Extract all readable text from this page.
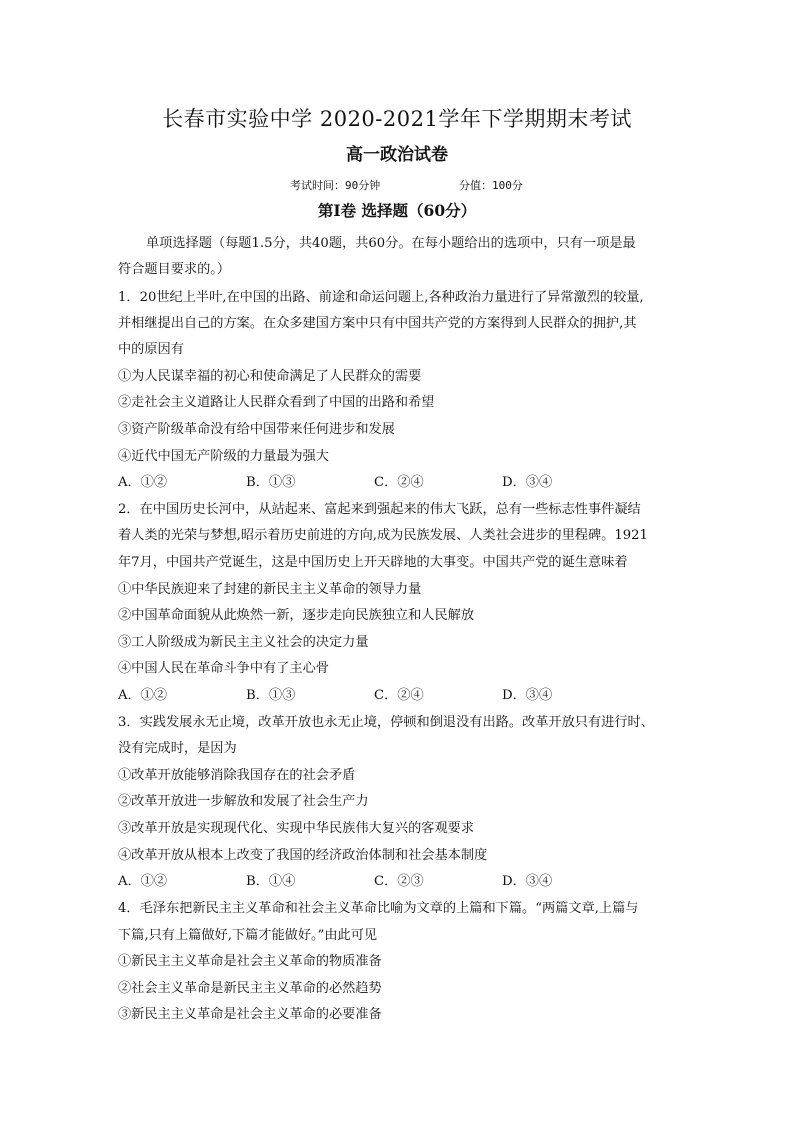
长春市实验中学 2020-2021学年下学期期末考试
高一政治试卷
考试时间：90分钟	分值：100分
第Ⅰ卷 选择题（60分）
单项选择题（每题1.5分，共40题，共60分。在每小题给出的选项中，只有一项是最
符合题目要求的。）
1．20世纪上半叶,在中国的出路、前途和命运问题上,各种政治力量进行了异常激烈的较量,
并相继提出自己的方案。在众多建国方案中只有中国共产党的方案得到人民群众的拥护,其
中的原因有
①为人民谋幸福的初心和使命满足了人民群众的需要
②走社会主义道路让人民群众看到了中国的出路和希望
③资产阶级革命没有给中国带来任何进步和发展
④近代中国无产阶级的力量最为强大
A．①②	B．①③	C．②④	D．③④
2．在中国历史长河中，从站起来、富起来到强起来的伟大飞跃，总有一些标志性事件凝结
着人类的光荣与梦想,昭示着历史前进的方向,成为民族发展、人类社会进步的里程碑。1921
年7月，中国共产党诞生，这是中国历史上开天辟地的大事变。中国共产党的诞生意味着
①中华民族迎来了封建的新民主主义革命的领导力量
②中国革命面貌从此焕然一新，逐步走向民族独立和人民解放
③工人阶级成为新民主主义社会的决定力量
④中国人民在革命斗争中有了主心骨
A．①②	B．①③	C．②④	D．③④
3．实践发展永无止境，改革开放也永无止境，停顿和倒退没有出路。改革开放只有进行时、
没有完成时，是因为
①改革开放能够消除我国存在的社会矛盾
②改革开放进一步解放和发展了社会生产力
③改革开放是实现现代化、实现中华民族伟大复兴的客观要求
④改革开放从根本上改变了我国的经济政治体制和社会基本制度
A．①②	B．①④	C．②③	D．③④
4．毛泽东把新民主主义革命和社会主义革命比喻为文章的上篇和下篇。“两篇文章,上篇与
下篇,只有上篇做好,下篇才能做好。”由此可见
①新民主主义革命是社会主义革命的物质准备
②社会主义革命是新民主主义革命的必然趋势
③新民主主义革命是社会主义革命的必要准备
